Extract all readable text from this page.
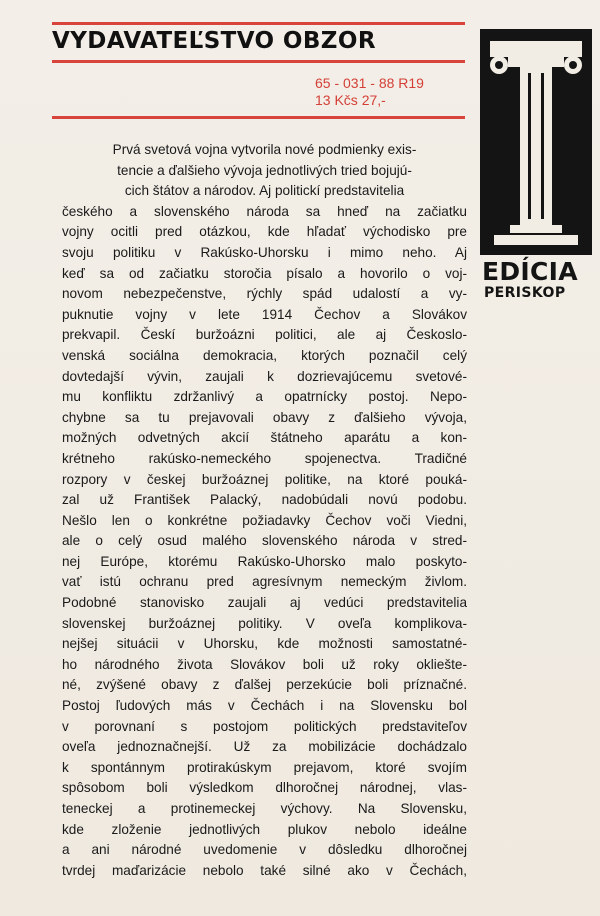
VYDAVATEĽSTVO OBZOR
65 - 031 - 88 R19
13 Kčs 27,-
EDÍCIA
PERISKOP
Prvá svetová vojna vytvorila nové podmienky exis-
tencie a ďalšieho vývoja jednotlivých tried bojujú-
cich štátov a národov. Aj politickí predstavitelia
českého a slovenského národa sa hneď na začiatku
vojny ocitli pred otázkou, kde hľadať východisko pre
svoju politiku v Rakúsko-Uhorsku i mimo neho. Aj
keď sa od začiatku storočia písalo a hovorilo o voj-
novom nebezpečenstve, rýchly spád udalostí a vy-
puknutie vojny v lete 1914 Čechov a Slovákov
prekvapil. Českí buržoázni politici, ale aj Českoslo-
venská sociálna demokracia, ktorých poznačil celý
dovtedajší vývin, zaujali k dozrievajúcemu svetové-
mu konfliktu zdržanlivý a opatrnícky postoj. Nepo-
chybne sa tu prejavovali obavy z ďalšieho vývoja,
možných odvetných akcií štátneho aparátu a kon-
krétneho rakúsko-nemeckého spojenectva. Tradičné
rozpory v českej buržoáznej politike, na ktoré pouká-
zal už František Palacký, nadobúdali novú podobu.
Nešlo len o konkrétne požiadavky Čechov voči Viedni,
ale o celý osud malého slovenského národa v stred-
nej Európe, ktorému Rakúsko-Uhorsko malo poskyto-
vať istú ochranu pred agresívnym nemeckým živlom.
Podobné stanovisko zaujali aj vedúci predstavitelia
slovenskej buržoáznej politiky. V oveľa komplikova-
nejšej situácii v Uhorsku, kde možnosti samostatné-
ho národného života Slovákov boli už roky okliešte-
né, zvýšené obavy z ďalšej perzekúcie boli príznačné.
Postoj ľudových más v Čechách i na Slovensku bol
v porovnaní s postojom politických predstaviteľov
oveľa jednoznačnejší. Už za mobilizácie dochádzalo
k spontánnym protirakúskym prejavom, ktoré svojím
spôsobom boli výsledkom dlhoročnej národnej, vlas-
teneckej a protinemeckej výchovy. Na Slovensku,
kde zloženie jednotlivých plukov nebolo ideálne
a ani národné uvedomenie v dôsledku dlhoročnej
tvrdej maďarizácie nebolo také silné ako v Čechách,
